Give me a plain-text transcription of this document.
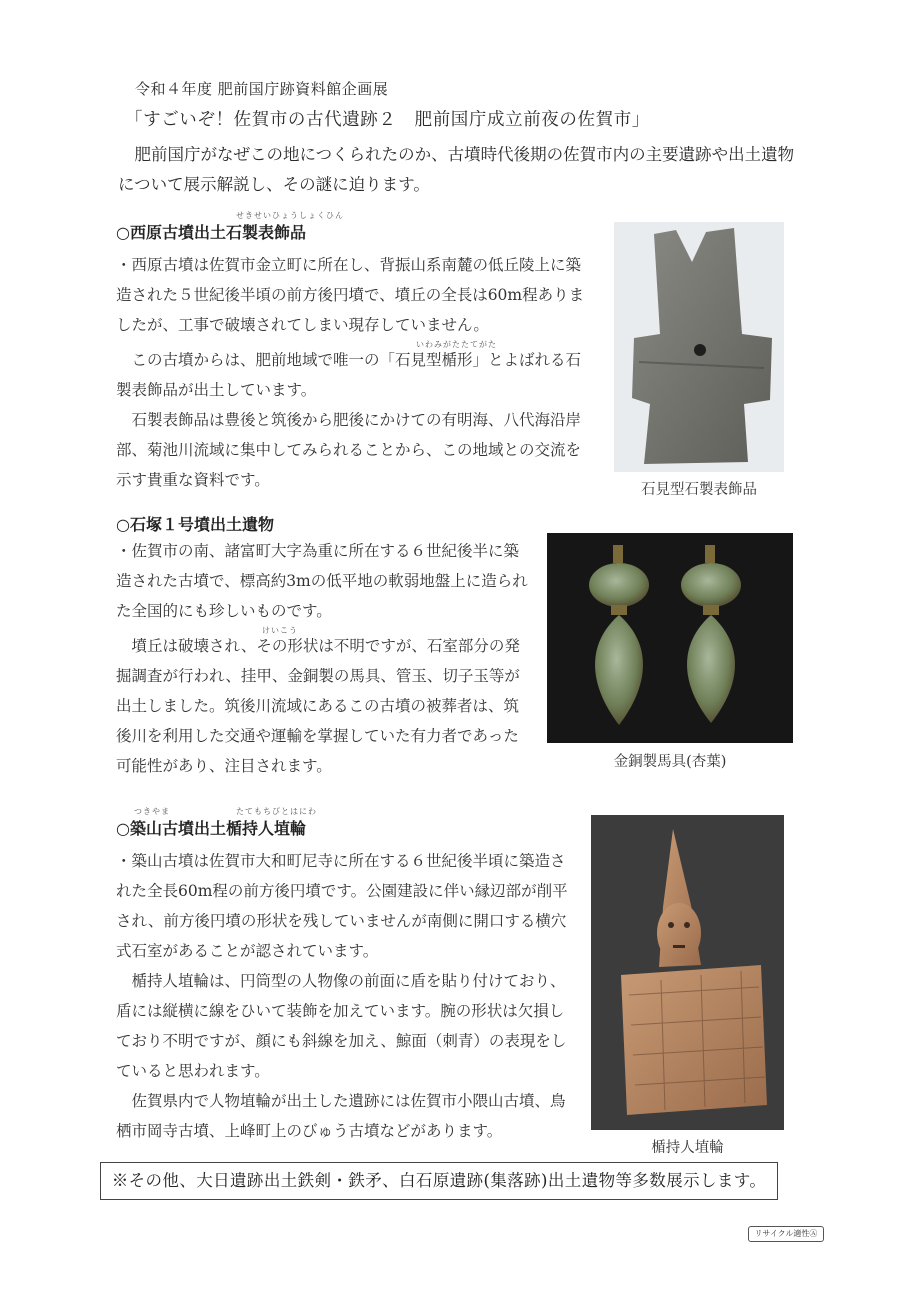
令和４年度 肥前国庁跡資料館企画展
「すごいぞ！佐賀市の古代遺跡２　肥前国庁成立前夜の佐賀市」

肥前国庁がなぜこの地につくられたのか、古墳時代後期の佐賀市内の主要遺跡や出土遺物について展示解説し、その謎に迫ります。

せきせいひょうしょくひん
○西原古墳出土石製表飾品

・西原古墳は佐賀市金立町に所在し、背振山系南麓の低丘陵上に築造された５世紀後半頃の前方後円墳で、墳丘の全長は60m程ありましたが、工事で破壊されてしまい現存していません。

いわみがたたてがた

この古墳からは、肥前地域で唯一の「石見型楯形」とよばれる石製表飾品が出土しています。

石製表飾品は豊後と筑後から肥後にかけての有明海、八代海沿岸部、菊池川流域に集中してみられることから、この地域との交流を示す貴重な資料です。

石見型石製表飾品
○石塚１号墳出土遺物

・佐賀市の南、諸富町大字為重に所在する６世紀後半に築造された古墳で、標高約3mの低平地の軟弱地盤上に造られた全国的にも珍しいものです。

けいこう

墳丘は破壊され、その形状は不明ですが、石室部分の発掘調査が行われ、挂甲、金銅製の馬具、管玉、切子玉等が出土しました。筑後川流域にあるこの古墳の被葬者は、筑後川を利用した交通や運輸を掌握していた有力者であった可能性があり、注目されます。	金銅製馬具(杏葉)
つきやま	たてもちびとはにわ
○築山古墳出土楯持人埴輪

・築山古墳は佐賀市大和町尼寺に所在する６世紀後半頃に築造された全長60m程の前方後円墳です。公園建設に伴い縁辺部が削平され、前方後円墳の形状を残していませんが南側に開口する横穴式石室があることが認されています。

楯持人埴輪は、円筒型の人物像の前面に盾を貼り付けており、盾には縦横に線をひいて装飾を加えています。腕の形状は欠損しており不明ですが、顔にも斜線を加え、鯨面（刺青）の表現をしていると思われます。

佐賀県内で人物埴輪が出土した遺跡には佐賀市小隈山古墳、鳥栖市岡寺古墳、上峰町上のびゅう古墳などがあります。

楯持人埴輪
※その他、大日遺跡出土鉄剣・鉄矛、白石原遺跡(集落跡)出土遺物等多数展示します。
リサイクル適性Ⓐ
